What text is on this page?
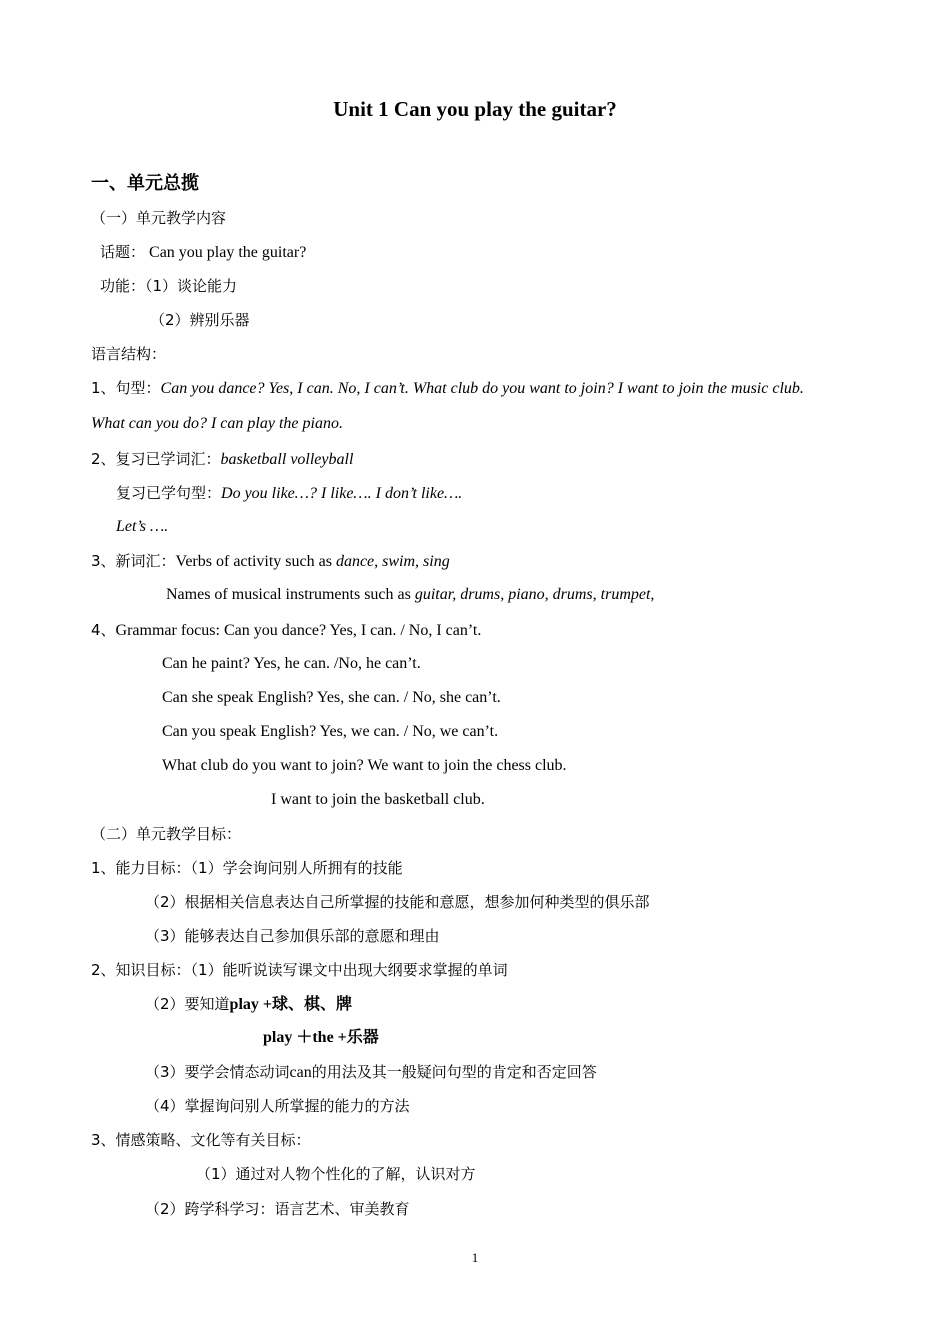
Unit 1 Can you play the guitar?
一、单元总揽
（一）单元教学内容
话题： Can you play the guitar?
功能：（1）谈论能力
（2）辨别乐器
语言结构：
1、句型：Can you dance? Yes, I can. No, I can’t. What club do you want to join? I want to join the music club.
What can you do? I can play the piano.
2、复习已学词汇：basketball volleyball
复习已学句型：Do you like…? I like…. I don’t like….
Let’s ….
3、新词汇：Verbs of activity such as dance, swim, sing
Names of musical instruments such as guitar, drums, piano, drums, trumpet,
4、Grammar focus: Can you dance? Yes, I can. / No, I can’t.
Can he paint? Yes, he can. /No, he can’t.
Can she speak English? Yes, she can. / No, she can’t.
Can you speak English? Yes, we can. / No, we can’t.
What club do you want to join? We want to join the chess club.
I want to join the basketball club.
（二）单元教学目标：
1、能力目标：（1）学会询问别人所拥有的技能
（2）根据相关信息表达自己所掌握的技能和意愿，想参加何种类型的俱乐部
（3）能够表达自己参加俱乐部的意愿和理由
2、知识目标：（1）能听说读写课文中出现大纲要求掌握的单词
（2）要知道play +球、棋、牌
play ＋the +乐器
（3）要学会情态动词can的用法及其一般疑问句型的肯定和否定回答
（4）掌握询问别人所掌握的能力的方法
3、情感策略、文化等有关目标：
（1）通过对人物个性化的了解，认识对方
（2）跨学科学习：语言艺术、审美教育
1
